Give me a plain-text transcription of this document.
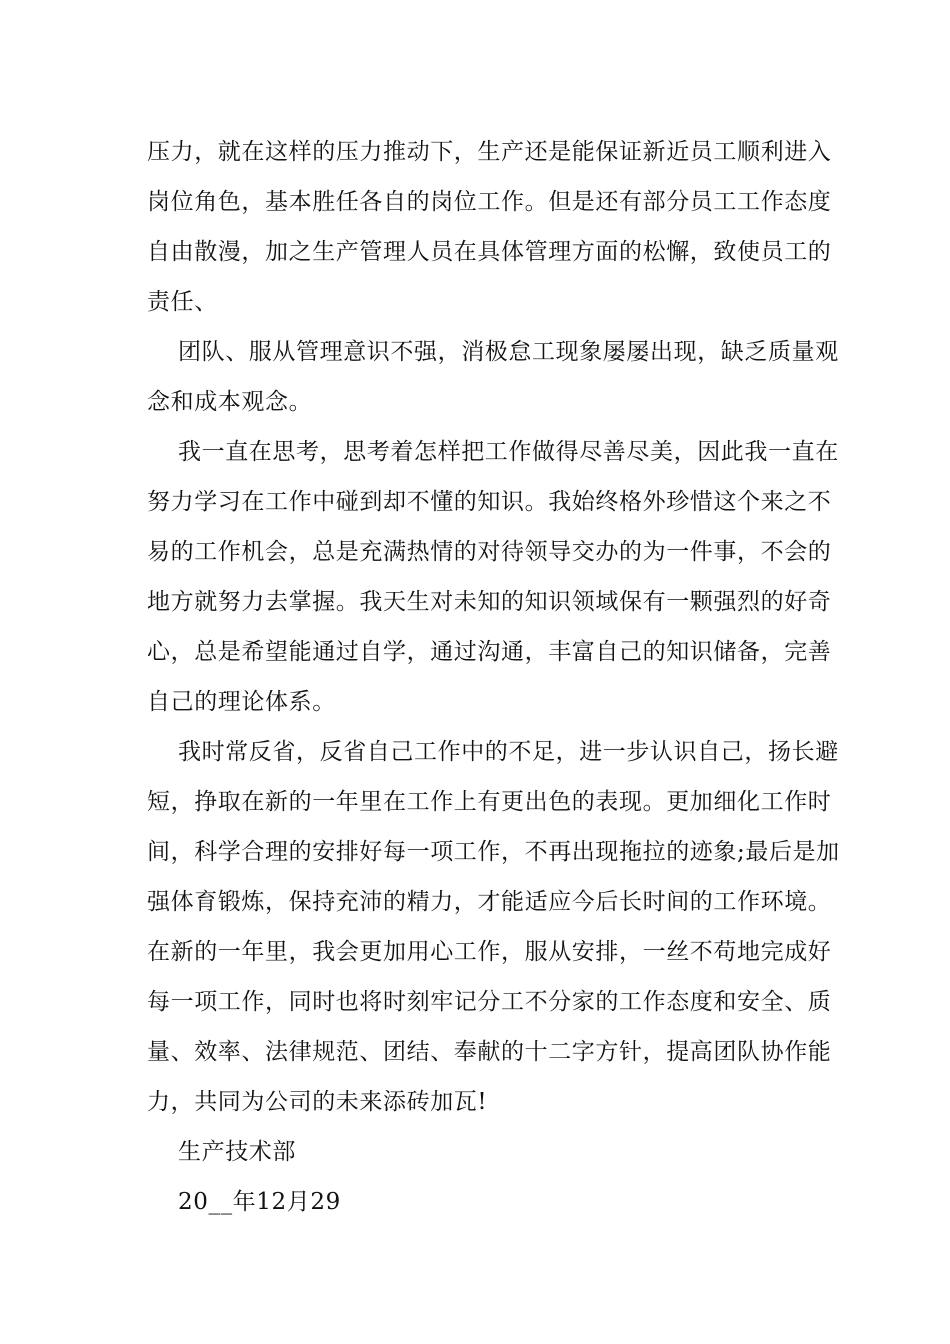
压力，就在这样的压力推动下，生产还是能保证新近员工顺利进入
岗位角色，基本胜任各自的岗位工作。但是还有部分员工工作态度
自由散漫，加之生产管理人员在具体管理方面的松懈，致使员工的
责任、
团队、服从管理意识不强，消极怠工现象屡屡出现，缺乏质量观
念和成本观念。
我一直在思考，思考着怎样把工作做得尽善尽美，因此我一直在
努力学习在工作中碰到却不懂的知识。我始终格外珍惜这个来之不
易的工作机会，总是充满热情的对待领导交办的为一件事，不会的
地方就努力去掌握。我天生对未知的知识领域保有一颗强烈的好奇
心，总是希望能通过自学，通过沟通，丰富自己的知识储备，完善
自己的理论体系。
我时常反省，反省自己工作中的不足，进一步认识自己，扬长避
短，挣取在新的一年里在工作上有更出色的表现。更加细化工作时
间，科学合理的安排好每一项工作，不再出现拖拉的迹象;最后是加
强体育锻炼，保持充沛的精力，才能适应今后长时间的工作环境。
在新的一年里，我会更加用心工作，服从安排，一丝不苟地完成好
每一项工作，同时也将时刻牢记分工不分家的工作态度和安全、质
量、效率、法律规范、团结、奉献的十二字方针，提高团队协作能
力，共同为公司的未来添砖加瓦!
生产技术部
20__年12月29
